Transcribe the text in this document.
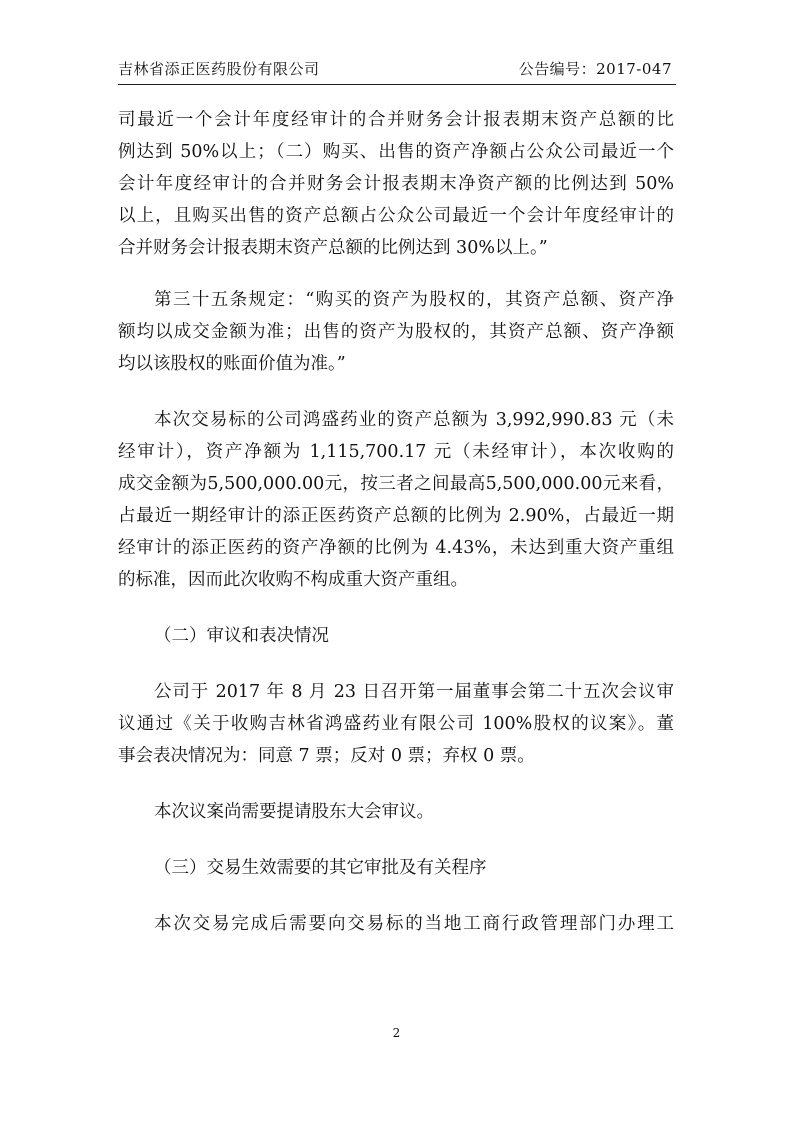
吉林省添正医药股份有限公司	公告编号：2017-047
司最近一个会计年度经审计的合并财务会计报表期末资产总额的比
例达到 50%以上；（二）购买、出售的资产净额占公众公司最近一个
会计年度经审计的合并财务会计报表期末净资产额的比例达到 50%
以上，且购买出售的资产总额占公众公司最近一个会计年度经审计的
合并财务会计报表期末资产总额的比例达到 30%以上。”
第三十五条规定：“购买的资产为股权的，其资产总额、资产净
额均以成交金额为准；出售的资产为股权的，其资产总额、资产净额
均以该股权的账面价值为准。”
本次交易标的公司鸿盛药业的资产总额为 3,992,990.83 元（未
经审计），资产净额为 1,115,700.17 元（未经审计），本次收购的
成交金额为5,500,000.00元，按三者之间最高5,500,000.00元来看，
占最近一期经审计的添正医药资产总额的比例为 2.90%，占最近一期
经审计的添正医药的资产净额的比例为 4.43%，未达到重大资产重组
的标准，因而此次收购不构成重大资产重组。
（二）审议和表决情况
公司于 2017 年 8 月 23 日召开第一届董事会第二十五次会议审
议通过《关于收购吉林省鸿盛药业有限公司 100%股权的议案》。董
事会表决情况为：同意 7 票；反对 0 票；弃权 0 票。
本次议案尚需要提请股东大会审议。
（三）交易生效需要的其它审批及有关程序
本次交易完成后需要向交易标的当地工商行政管理部门办理工
2
